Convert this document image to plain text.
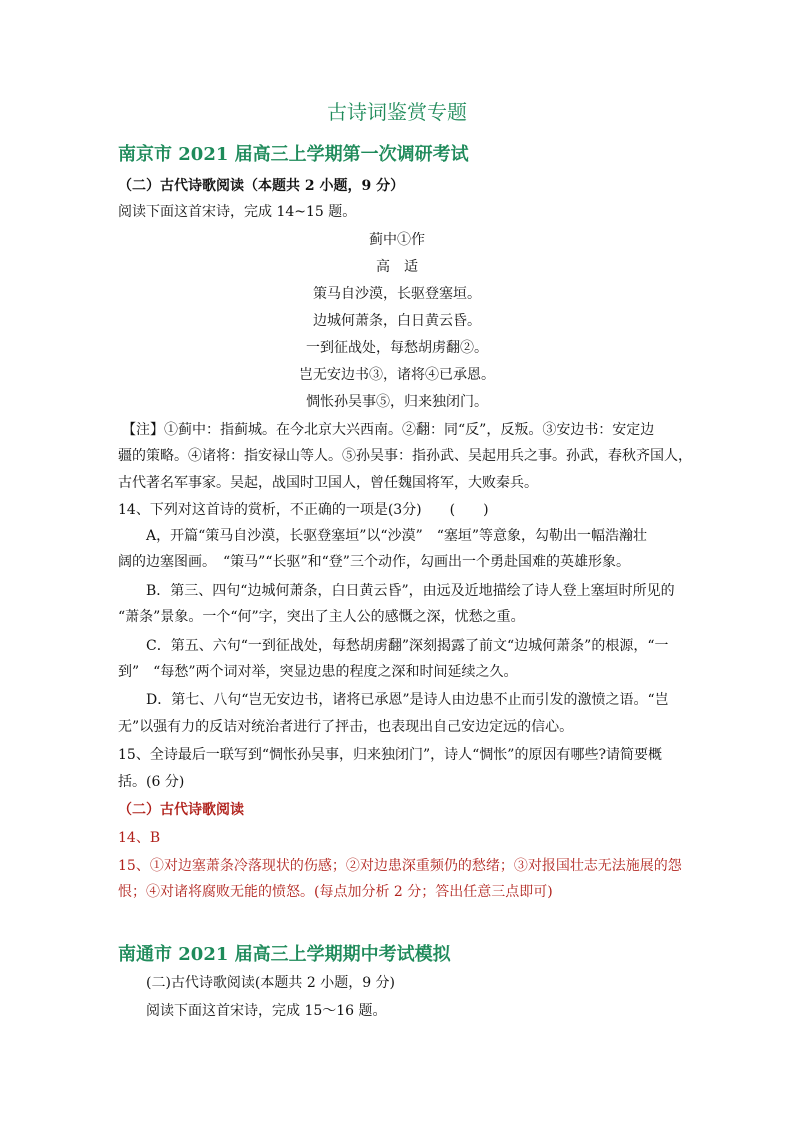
古诗词鉴赏专题
南京市 2021 届高三上学期第一次调研考试
（二）古代诗歌阅读（本题共 2 小题，9 分）
阅读下面这首宋诗，完成 14~15 题。
蓟中①作
高　适
策马自沙漠，长驱登塞垣。
边城何萧条，白日黄云昏。
一到征战处，每愁胡虏翻②。
岂无安边书③，诸将④已承恩。
惆怅孙吴事⑤，归来独闭门。
【注】①蓟中：指蓟城。在今北京大兴西南。②翻：同“反”，反叛。③安边书：安定边
疆的策略。④诸将：指安禄山等人。⑤孙吴事：指孙武、吴起用兵之事。孙武，春秋齐国人，
古代著名军事家。吴起，战国时卫国人，曾任魏国将军，大败秦兵。
14、下列对这首诗的赏析，不正确的一项是(3分)　　(　　)
A，开篇“策马自沙漠，长驱登塞垣”以“沙漠”　“塞垣”等意象，勾勒出一幅浩瀚壮
阔的边塞图画。　“策马”“长驱”和“登”三个动作，勾画出一个勇赴国难的英雄形象。
B．第三、四句“边城何萧条，白日黄云昏”，由远及近地描绘了诗人登上塞垣时所见的
“萧条”景象。一个“何”字，突出了主人公的感慨之深，忧愁之重。
C．第五、六句“一到征战处，每愁胡虏翻”深刻揭露了前文“边城何萧条”的根源，“一
到”　“每愁”两个词对举，突显边患的程度之深和时间延续之久。
D．第七、八句“岂无安边书，诸将已承恩”是诗人由边患不止而引发的激愤之语。“岂
无”以强有力的反诘对统治者进行了抨击，也表现出自己安边定远的信心。
15、全诗最后一联写到“惆怅孙吴事，归来独闭门”，诗人“惆怅”的原因有哪些?请简要概
括。(6 分)
（二）古代诗歌阅读
14、B
15、①对边塞萧条冷落现状的伤感；②对边患深重频仍的愁绪；③对报国壮志无法施展的怨
恨；④对诸将腐败无能的愤怒。(每点加分析 2 分；答出任意三点即可)
南通市 2021 届高三上学期期中考试模拟
(二)古代诗歌阅读(本题共 2 小题，9 分)
阅读下面这首宋诗，完成 15～16 题。
